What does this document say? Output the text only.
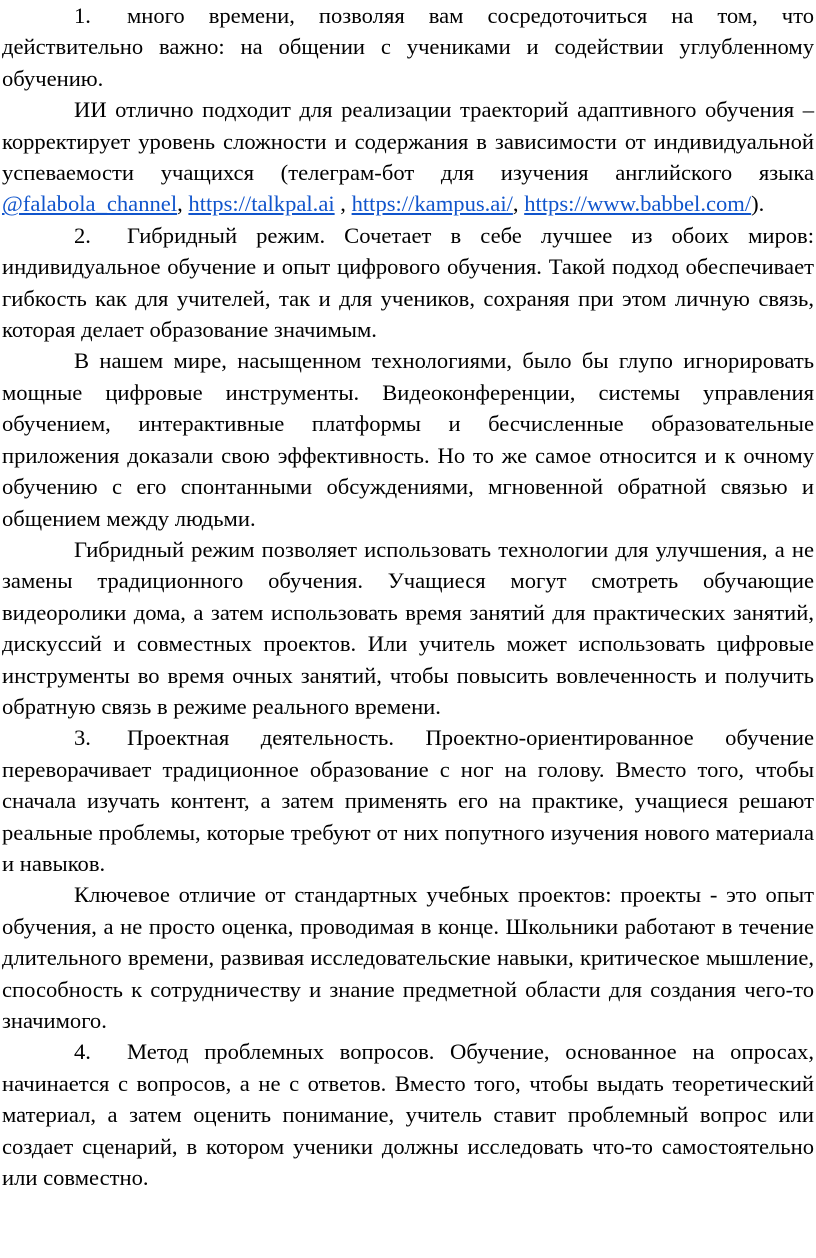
1. много времени, позволяя вам сосредоточиться на том, что действительно важно: на общении с учениками и содействии углубленному обучению.

ИИ отлично подходит для реализации траекторий адаптивного обучения – корректирует уровень сложности и содержания в зависимости от индивидуальной успеваемости учащихся (телеграм-бот для изучения английского языка @falabola_channel, https://talkpal.ai , https://kampus.ai/, https://www.babbel.com/).

2. Гибридный режим. Сочетает в себе лучшее из обоих миров: индивидуальное обучение и опыт цифрового обучения. Такой подход обеспечивает гибкость как для учителей, так и для учеников, сохраняя при этом личную связь, которая делает образование значимым.

В нашем мире, насыщенном технологиями, было бы глупо игнорировать мощные цифровые инструменты. Видеоконференции, системы управления обучением, интерактивные платформы и бесчисленные образовательные приложения доказали свою эффективность. Но то же самое относится и к очному обучению с его спонтанными обсуждениями, мгновенной обратной связью и общением между людьми.

Гибридный режим позволяет использовать технологии для улучшения, а не замены традиционного обучения. Учащиеся могут смотреть обучающие видеоролики дома, а затем использовать время занятий для практических занятий, дискуссий и совместных проектов. Или учитель может использовать цифровые инструменты во время очных занятий, чтобы повысить вовлеченность и получить обратную связь в режиме реального времени.

3. Проектная деятельность. Проектно-ориентированное обучение переворачивает традиционное образование с ног на голову. Вместо того, чтобы сначала изучать контент, а затем применять его на практике, учащиеся решают реальные проблемы, которые требуют от них попутного изучения нового материала и навыков.

Ключевое отличие от стандартных учебных проектов: проекты - это опыт обучения, а не просто оценка, проводимая в конце. Школьники работают в течение длительного времени, развивая исследовательские навыки, критическое мышление, способность к сотрудничеству и знание предметной области для создания чего-то значимого.

4. Метод проблемных вопросов. Обучение, основанное на опросах, начинается с вопросов, а не с ответов. Вместо того, чтобы выдать теоретический материал, а затем оценить понимание, учитель ставит проблемный вопрос или создает сценарий, в котором ученики должны исследовать что-то самостоятельно или совместно.
